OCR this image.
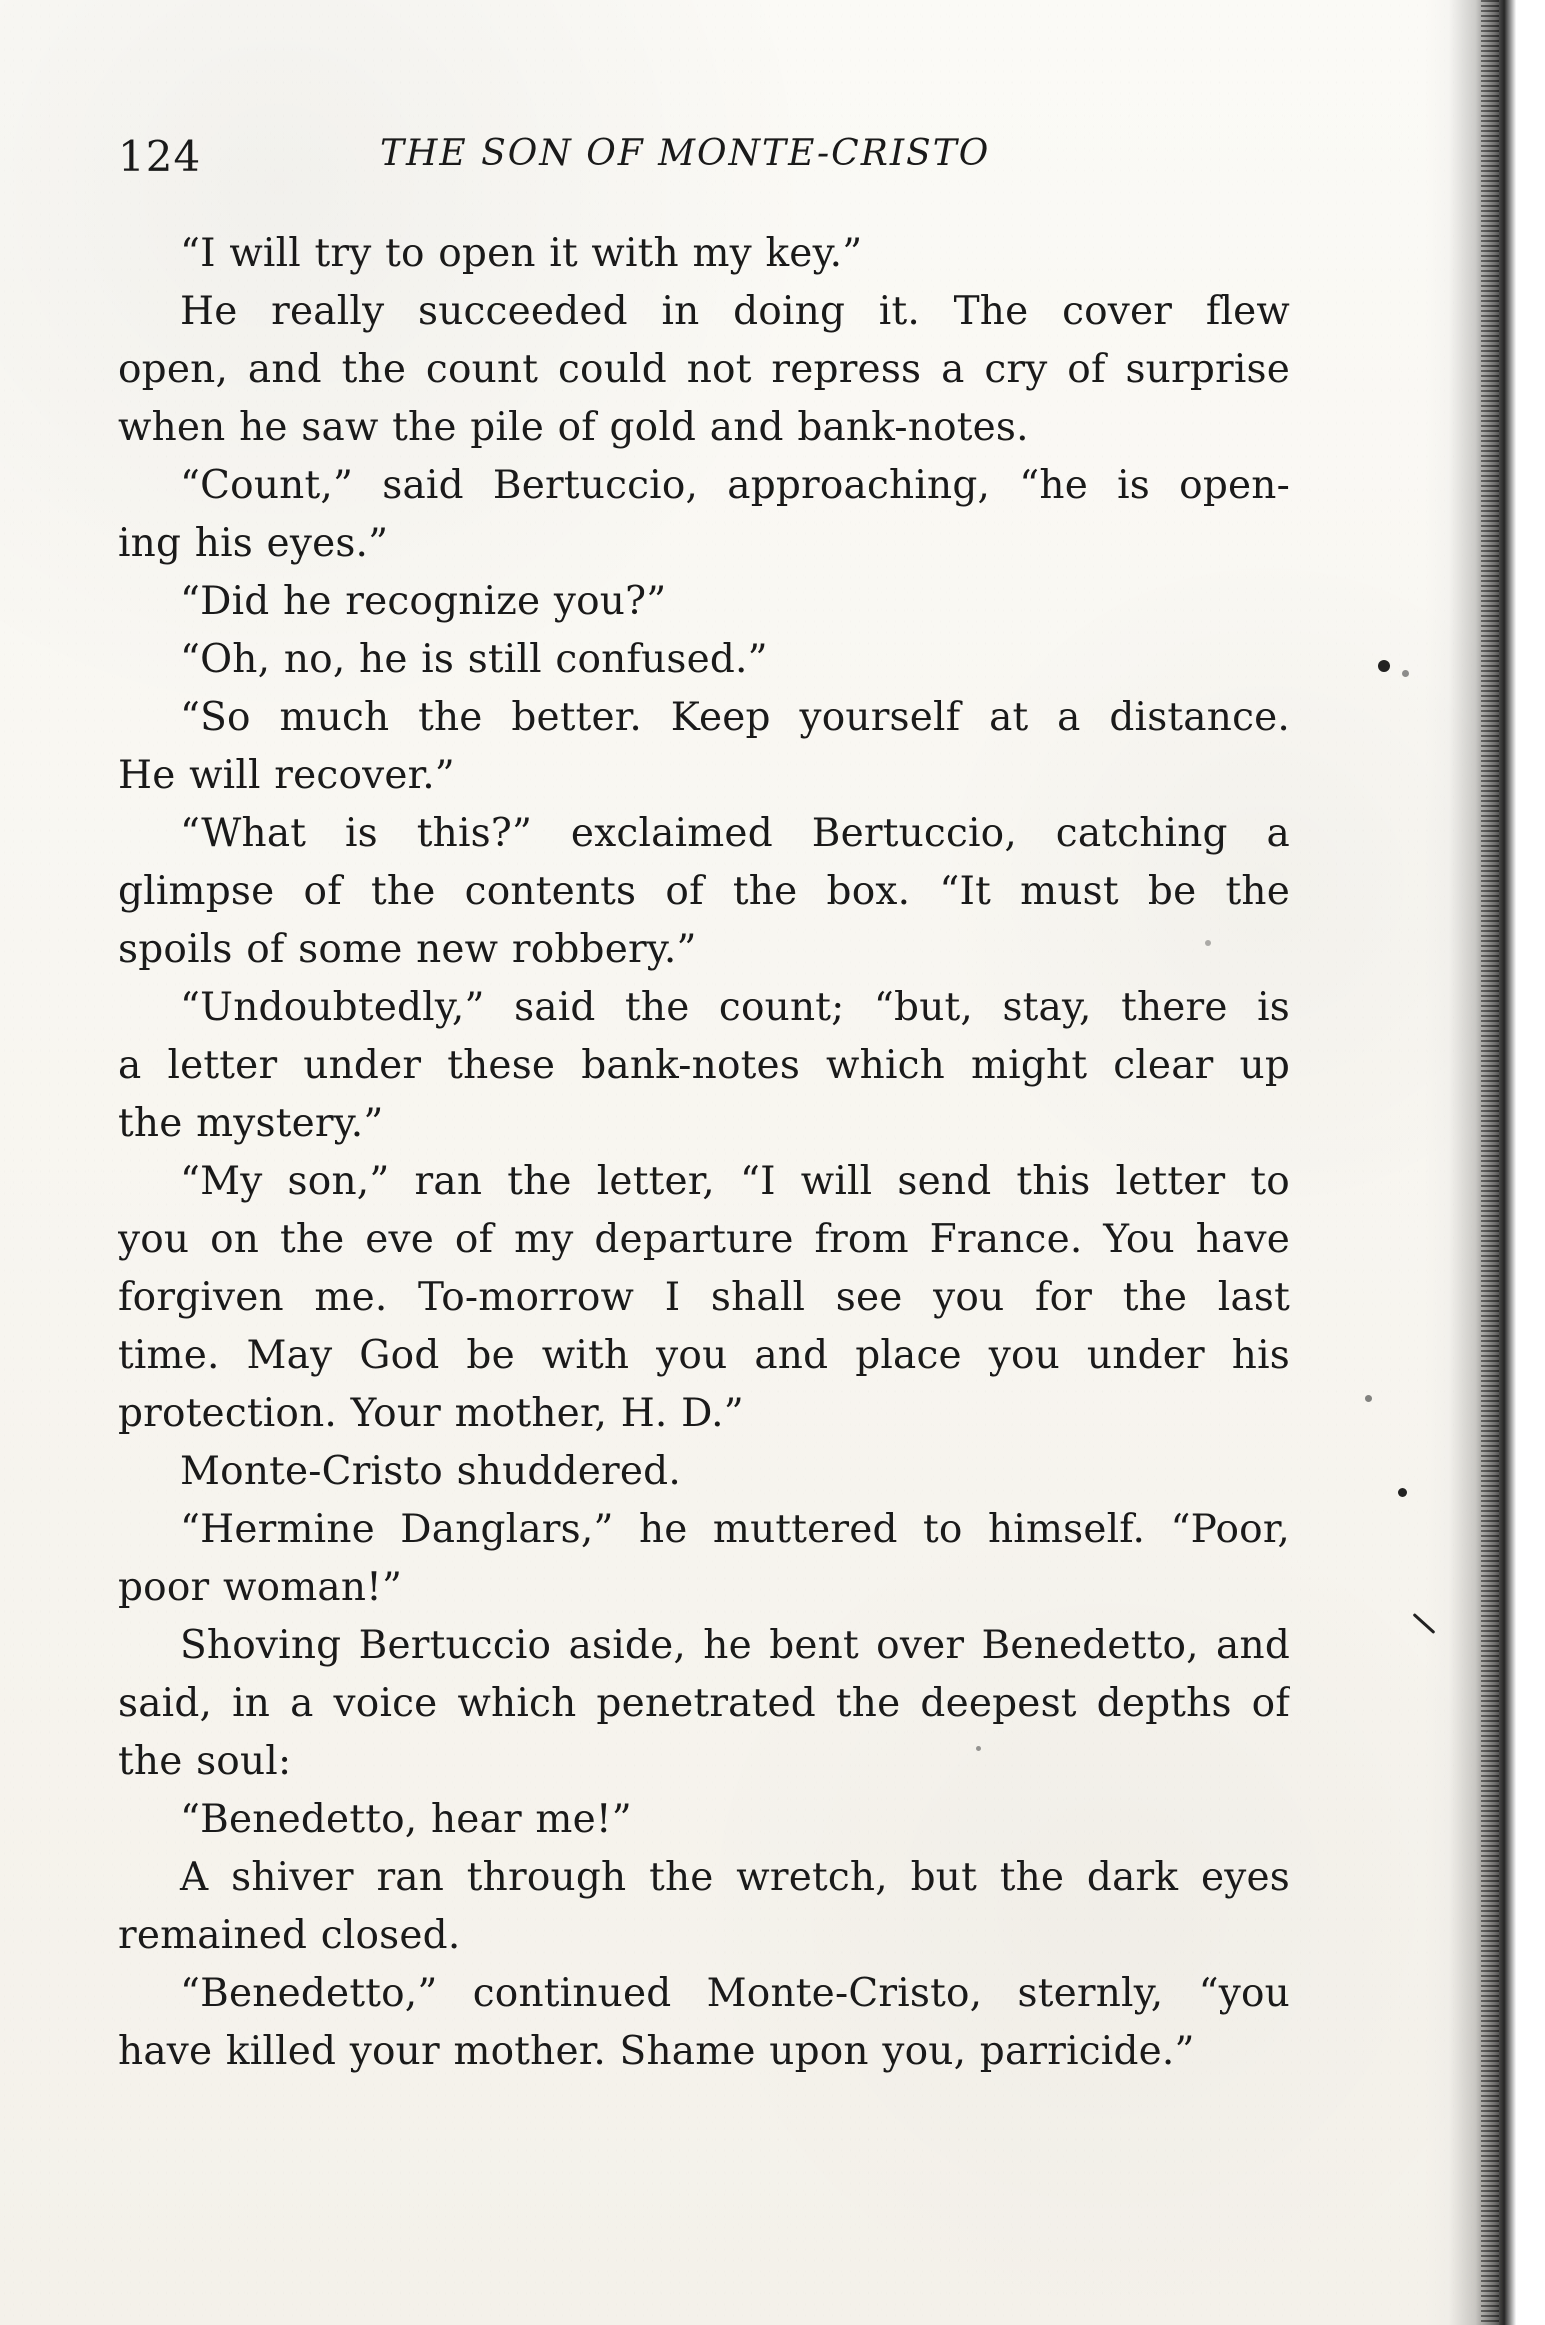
124	THE SON OF MONTE-CRISTO
“I will try to open it with my key.”
He really succeeded in doing it. The cover flew
open, and the count could not repress a cry of surprise
when he saw the pile of gold and bank-notes.
“Count,” said Bertuccio, approaching, “he is open-
ing his eyes.”
“Did he recognize you?”
“Oh, no, he is still confused.”
“So much the better. Keep yourself at a distance.
He will recover.”
“What is this?” exclaimed Bertuccio, catching a
glimpse of the contents of the box. “It must be the
spoils of some new robbery.”
“Undoubtedly,” said the count; “but, stay, there is
a letter under these bank-notes which might clear up
the mystery.”
“My son,” ran the letter, “I will send this letter to
you on the eve of my departure from France. You have
forgiven me. To-morrow I shall see you for the last
time. May God be with you and place you under his
protection. Your mother, H. D.”
Monte-Cristo shuddered.
“Hermine Danglars,” he muttered to himself. “Poor,
poor woman!”
Shoving Bertuccio aside, he bent over Benedetto, and
said, in a voice which penetrated the deepest depths of
the soul:
“Benedetto, hear me!”
A shiver ran through the wretch, but the dark eyes
remained closed.
“Benedetto,” continued Monte-Cristo, sternly, “you
have killed your mother. Shame upon you, parricide.”
